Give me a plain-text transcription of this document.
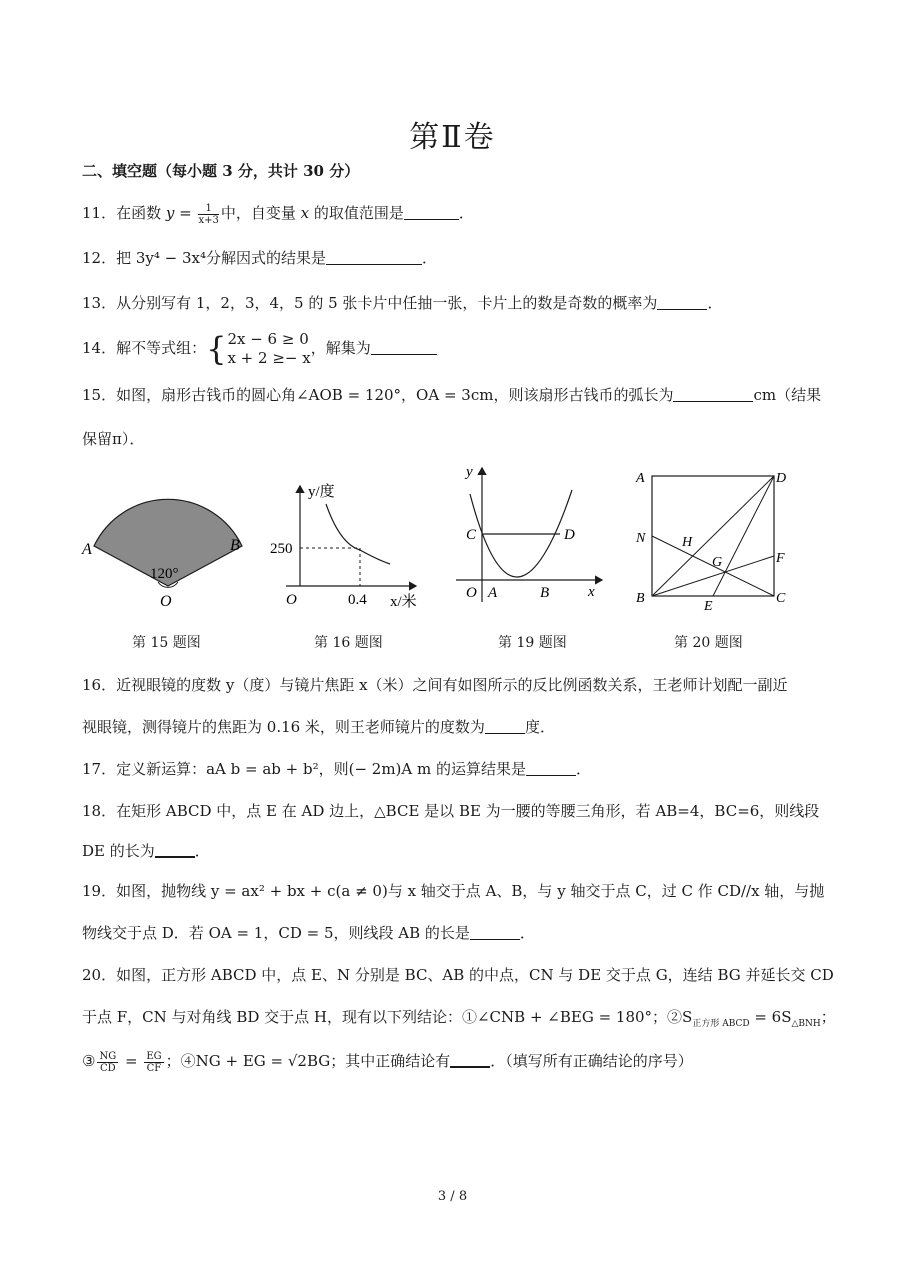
第Ⅱ卷
二、填空题（每小题 3 分，共计 30 分）
11．在函数 $y = \frac{1}{x+3}$ 中，自变量 x 的取值范围是	．
12．把 3y⁴ − 3x⁴分解因式的结果是	．
13．从分别写有 1，2，3，4，5 的 5 张卡片中任抽一张，卡片上的数是奇数的概率为	．
14．解不等式组：{ 2x − 6 ≥ 0
x + 2 ≥− x
，解集为
15．如图，扇形古钱币的圆心角∠AOB = 120°，OA = 3cm，则该扇形古钱币的弧长为	cm（结果
保留π）．
A	B
O
120°
y/度
x/米
250
0.4
O
y
x
C	D
O A	B
A	D
N	H
G	F
B
E
C
第 15 题图	第 16 题图	第 19 题图	第 20 题图
16．近视眼镜的度数 y（度）与镜片焦距 x（米）之间有如图所示的反比例函数关系，王老师计划配一副近
视眼镜，测得镜片的焦距为 0.16 米，则王老师镜片的度数为	度．
17．定义新运算：aA b = ab + b²，则(− 2m)A m 的运算结果是	．
18．在矩形 ABCD 中，点 E 在 AD 边上，△BCE 是以 BE 为一腰的等腰三角形，若 AB=4，BC=6，则线段
DE 的长为	．
19．如图，抛物线 y = ax² + bx + c(a ≠ 0)与 x 轴交于点 A、B，与 y 轴交于点 C，过 C 作 CD//x 轴，与抛
物线交于点 D．若 OA = 1，CD = 5，则线段 AB 的长是	．
20．如图，正方形 ABCD 中，点 E、N 分别是 BC、AB 的中点，CN 与 DE 交于点 G，连结 BG 并延长交 CD
于点 F，CN 与对角线 BD 交于点 H，现有以下列结论：①∠CNB + ∠BEG = 180°；$②S_{正方形 ABCD} = 6S_{\triangle BNH}$；
③ $\frac{NG}{CD} = \frac{EG}{CF}$ ；④NG + EG = √2BG；其中正确结论有	．（填写所有正确结论的序号）
3 / 8
